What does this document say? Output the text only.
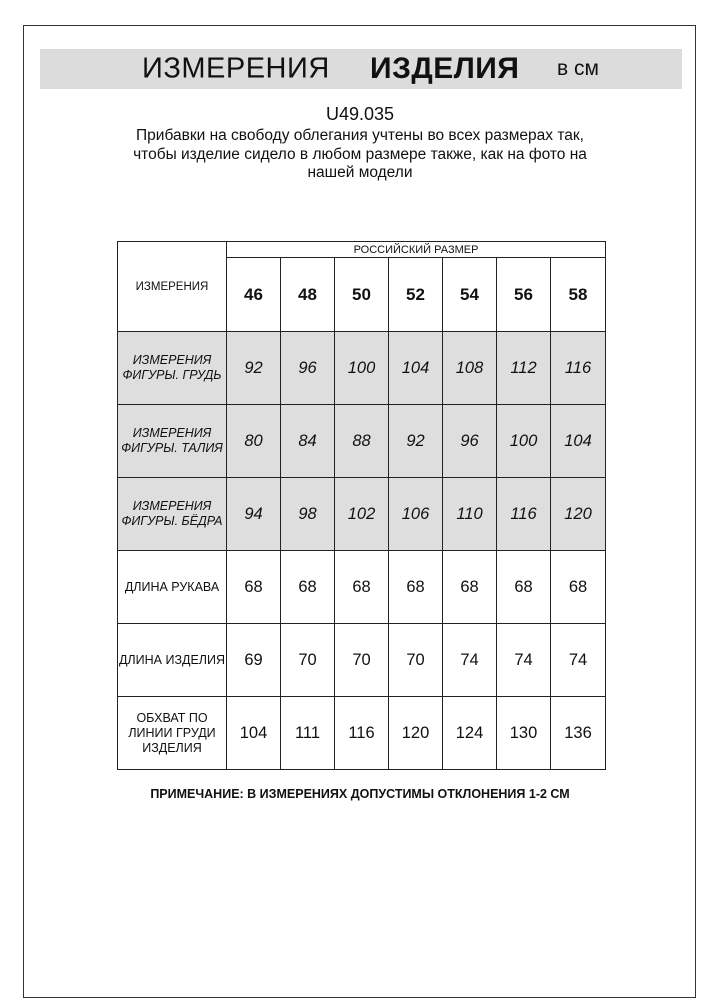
ИЗМЕРЕНИЯ ИЗДЕЛИЯ в см
U49.035
Прибавки на свободу облегания учтены во всех размерах так,
чтобы изделие сидело в любом размере также, как на фото на
нашей модели
ИЗМЕРЕНИЯ	РОССИЙСКИЙ РАЗМЕР						
	46	48	50	52	54	56	58

ИЗМЕРЕНИЯ
ФИГУРЫ. ГРУДЬ	92	96	100	104	108	112	116

ИЗМЕРЕНИЯ
ФИГУРЫ. ТАЛИЯ	80	84	88	92	96	100	104

ИЗМЕРЕНИЯ
ФИГУРЫ. БЁДРА	94	98	102	106	110	116	120

ДЛИНА РУКАВА	68	68	68	68	68	68	68

ДЛИНА ИЗДЕЛИЯ	69	70	70	70	74	74	74

ОБХВАТ ПО
ЛИНИИ ГРУДИ
ИЗДЕЛИЯ	104	111	116	120	124	130	136
ПРИМЕЧАНИЕ: В ИЗМЕРЕНИЯХ ДОПУСТИМЫ ОТКЛОНЕНИЯ 1-2 СМ
